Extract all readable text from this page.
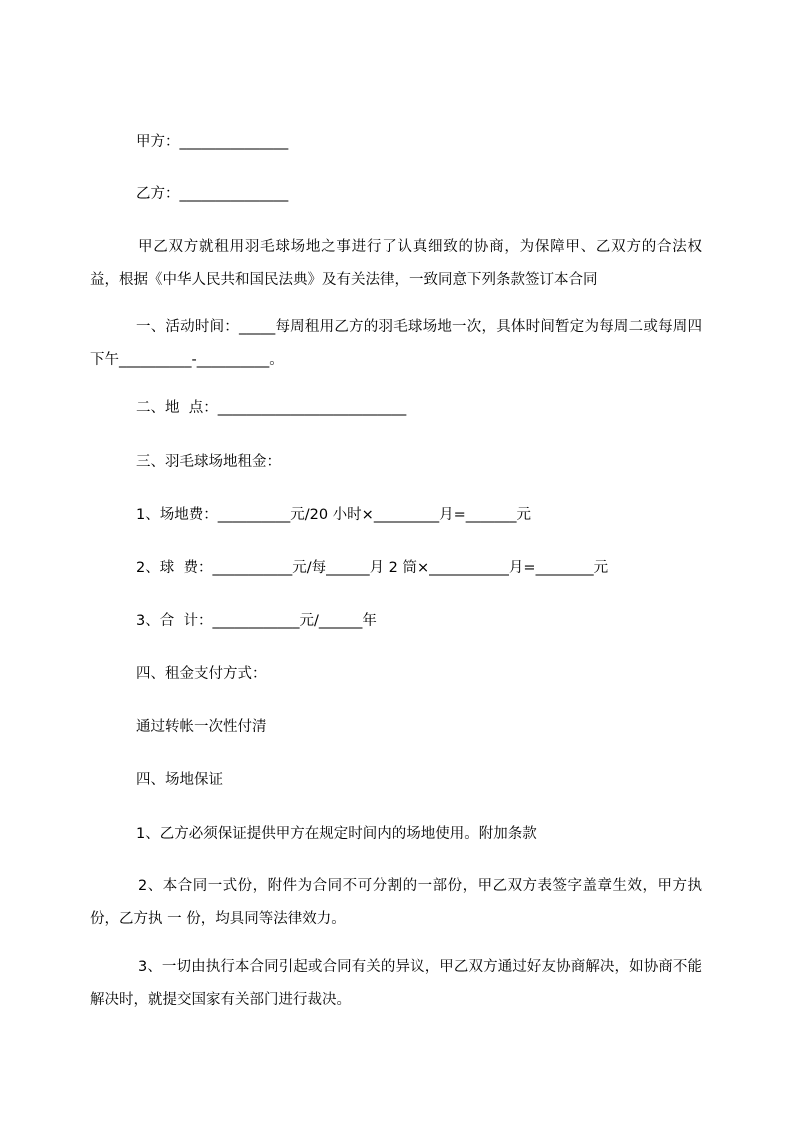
甲方：_______________
乙方：_______________
甲乙双方就租用羽毛球场地之事进行了认真细致的协商，为保障甲、乙双方的合法权益，根据《中华人民共和国民法典》及有关法律，一致同意下列条款签订本合同
一、活动时间：_____每周租用乙方的羽毛球场地一次，具体时间暂定为每周二或每周四下午__________-__________。
二、地  点：__________________________
三、羽毛球场地租金：
1、场地费：__________元/20 小时×_________月=_______元
2、球  费：___________元/每______月 2 筒×___________月=________元
3、合  计：____________元/______年
四、租金支付方式：
通过转帐一次性付清
四、场地保证
1、乙方必须保证提供甲方在规定时间内的场地使用。附加条款
2、本合同一式份，附件为合同不可分割的一部份，甲乙双方表签字盖章生效，甲方执份，乙方执 一 份，均具同等法律效力。
3、一切由执行本合同引起或合同有关的异议，甲乙双方通过好友协商解决，如协商不能解决时，就提交国家有关部门进行裁决。
